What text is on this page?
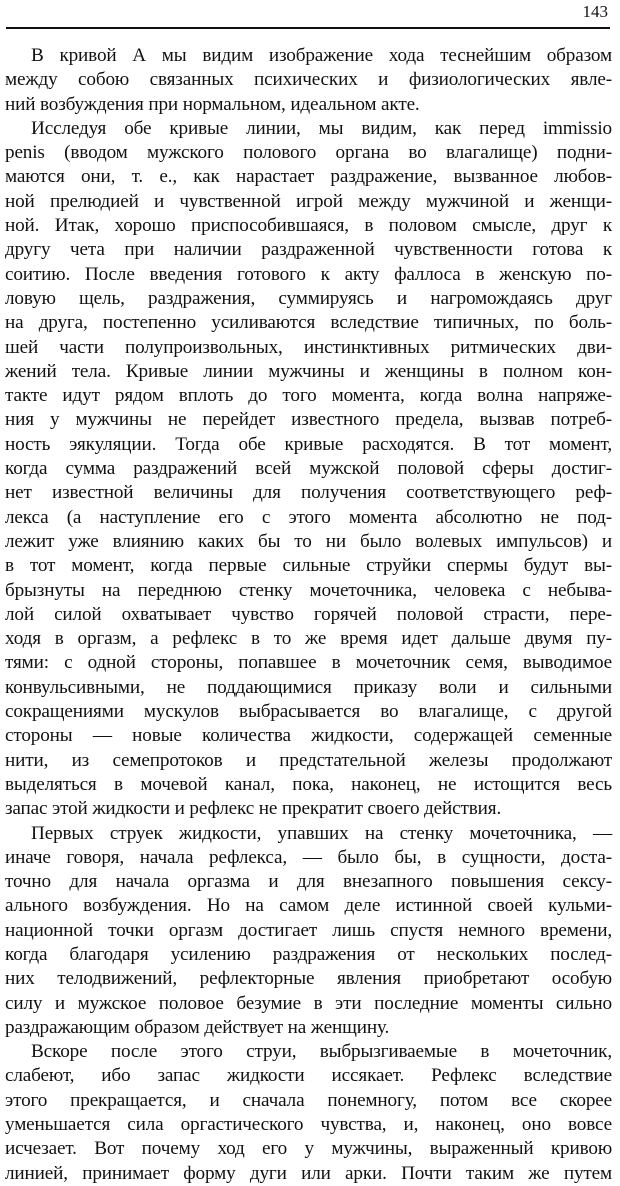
143
В кривой А мы видим изображение хода теснейшим образом
между собою связанных психических и физиологических явле-
ний возбуждения при нормальном, идеальном акте.
Исследуя обе кривые линии, мы видим, как перед immissio
penis (вводом мужского полового органа во влагалище) подни-
маются они, т. е., как нарастает раздражение, вызванное любов-
ной прелюдией и чувственной игрой между мужчиной и женщи-
ной. Итак, хорошо приспособившаяся, в половом смысле, друг к
другу чета при наличии раздраженной чувственности готова к
соитию. После введения готового к акту фаллоса в женскую по-
ловую щель, раздражения, суммируясь и нагромождаясь друг
на друга, постепенно усиливаются вследствие типичных, по боль-
шей части полупроизвольных, инстинктивных ритмических дви-
жений тела. Кривые линии мужчины и женщины в полном кон-
такте идут рядом вплоть до того момента, когда волна напряже-
ния у мужчины не перейдет известного предела, вызвав потреб-
ность эякуляции. Тогда обе кривые расходятся. В тот момент,
когда сумма раздражений всей мужской половой сферы достиг-
нет известной величины для получения соответствующего реф-
лекса (а наступление его с этого момента абсолютно не под-
лежит уже влиянию каких бы то ни было волевых импульсов) и
в тот момент, когда первые сильные струйки спермы будут вы-
брызнуты на переднюю стенку мочеточника, человека с небыва-
лой силой охватывает чувство горячей половой страсти, пере-
ходя в оргазм, а рефлекс в то же время идет дальше двумя пу-
тями: с одной стороны, попавшее в мочеточник семя, выводимое
конвульсивными, не поддающимися приказу воли и сильными
сокращениями мускулов выбрасывается во влагалище, с другой
стороны — новые количества жидкости, содержащей семенные
нити, из семепротоков и предстательной железы продолжают
выделяться в мочевой канал, пока, наконец, не истощится весь
запас этой жидкости и рефлекс не прекратит своего действия.
Первых струек жидкости, упавших на стенку мочеточника, —
иначе говоря, начала рефлекса, — было бы, в сущности, доста-
точно для начала оргазма и для внезапного повышения сексу-
ального возбуждения. Но на самом деле истинной своей кульми-
национной точки оргазм достигает лишь спустя немного времени,
когда благодаря усилению раздражения от нескольких послед-
них телодвижений, рефлекторные явления приобретают особую
силу и мужское половое безумие в эти последние моменты сильно
раздражающим образом действует на женщину.
Вскоре после этого струи, выбрызгиваемые в мочеточник,
слабеют, ибо запас жидкости иссякает. Рефлекс вследствие
этого прекращается, и сначала понемногу, потом все скорее
уменьшается сила оргастического чувства, и, наконец, оно вовсе
исчезает. Вот почему ход его у мужчины, выраженный кривою
линией, принимает форму дуги или арки. Почти таким же путем
